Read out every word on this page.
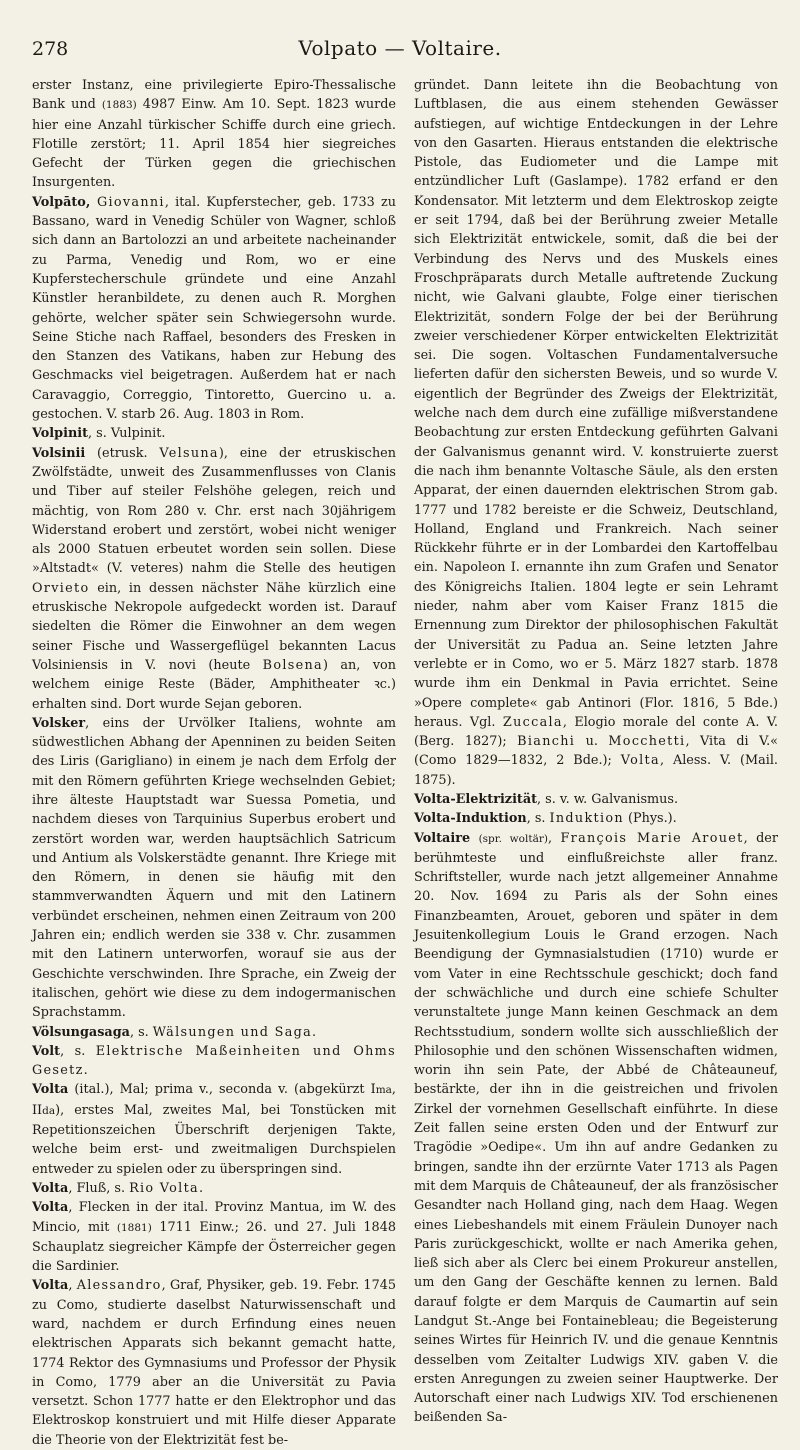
278	Volpato — Voltaire.

erster Instanz, eine privilegierte Epiro-Thessalische Bank und (1883) 4987 Einw. Am 10. Sept. 1823 wurde hier eine Anzahl türkischer Schiffe durch eine griech. Flotille zerstört; 11. April 1854 hier siegreiches Gefecht der Türken gegen die griechischen Insurgenten.

Volpāto, Giovanni, ital. Kupferstecher, geb. 1733 zu Bassano, ward in Venedig Schüler von Wagner, schloß sich dann an Bartolozzi an und arbeitete nacheinander zu Parma, Venedig und Rom, wo er eine Kupferstecherschule gründete und eine Anzahl Künstler heranbildete, zu denen auch R. Morghen gehörte, welcher später sein Schwiegersohn wurde. Seine Stiche nach Raffael, besonders des Fresken in den Stanzen des Vatikans, haben zur Hebung des Geschmacks viel beigetragen. Außerdem hat er nach Caravaggio, Correggio, Tintoretto, Guercino u. a. gestochen. V. starb 26. Aug. 1803 in Rom.

Volpinit, s. Vulpinit.

Volsinii (etrusk. Velsuna), eine der etruskischen Zwölfstädte, unweit des Zusammenflusses von Clanis und Tiber auf steiler Felshöhe gelegen, reich und mächtig, von Rom 280 v. Chr. erst nach 30jährigem Widerstand erobert und zerstört, wobei nicht weniger als 2000 Statuen erbeutet worden sein sollen. Diese »Altstadt« (V. veteres) nahm die Stelle des heutigen Orvieto ein, in dessen nächster Nähe kürzlich eine etruskische Nekropole aufgedeckt worden ist. Darauf siedelten die Römer die Einwohner an dem wegen seiner Fische und Wassergeflügel bekannten Lacus Volsiniensis in V. novi (heute Bolsena) an, von welchem einige Reste (Bäder, Amphitheater ꝛc.) erhalten sind. Dort wurde Sejan geboren.

Volsker, eins der Urvölker Italiens, wohnte am südwestlichen Abhang der Apenninen zu beiden Seiten des Liris (Garigliano) in einem je nach dem Erfolg der mit den Römern geführten Kriege wechselnden Gebiet; ihre älteste Hauptstadt war Suessa Pometia, und nachdem dieses von Tarquinius Superbus erobert und zerstört worden war, werden hauptsächlich Satricum und Antium als Volskerstädte genannt. Ihre Kriege mit den Römern, in denen sie häufig mit den stammverwandten Äquern und mit den Latinern verbündet erscheinen, nehmen einen Zeitraum von 200 Jahren ein; endlich werden sie 338 v. Chr. zusammen mit den Latinern unterworfen, worauf sie aus der Geschichte verschwinden. Ihre Sprache, ein Zweig der italischen, gehört wie diese zu dem indogermanischen Sprachstamm.

Völsungasaga, s. Wälsungen und Saga.

Volt, s. Elektrische Maßeinheiten und Ohms Gesetz.

Volta (ital.), Mal; prima v., seconda v. (abgekürzt Ima, IIda), erstes Mal, zweites Mal, bei Tonstücken mit Repetitionszeichen Überschrift derjenigen Takte, welche beim erst- und zweitmaligen Durchspielen entweder zu spielen oder zu überspringen sind.

Volta, Fluß, s. Rio Volta.

Volta, Flecken in der ital. Provinz Mantua, im W. des Mincio, mit (1881) 1711 Einw.; 26. und 27. Juli 1848 Schauplatz siegreicher Kämpfe der Österreicher gegen die Sardinier.

Volta, Alessandro, Graf, Physiker, geb. 19. Febr. 1745 zu Como, studierte daselbst Naturwissenschaft und ward, nachdem er durch Erfindung eines neuen elektrischen Apparats sich bekannt gemacht hatte, 1774 Rektor des Gymnasiums und Professor der Physik in Como, 1779 aber an die Universität zu Pavia versetzt. Schon 1777 hatte er den Elektrophor und das Elektroskop konstruiert und mit Hilfe dieser Apparate die Theorie von der Elektrizität fest be-

gründet. Dann leitete ihn die Beobachtung von Luftblasen, die aus einem stehenden Gewässer aufstiegen, auf wichtige Entdeckungen in der Lehre von den Gasarten. Hieraus entstanden die elektrische Pistole, das Eudiometer und die Lampe mit entzündlicher Luft (Gaslampe). 1782 erfand er den Kondensator. Mit letzterm und dem Elektroskop zeigte er seit 1794, daß bei der Berührung zweier Metalle sich Elektrizität entwickele, somit, daß die bei der Verbindung des Nervs und des Muskels eines Froschpräparats durch Metalle auftretende Zuckung nicht, wie Galvani glaubte, Folge einer tierischen Elektrizität, sondern Folge der bei der Berührung zweier verschiedener Körper entwickelten Elektrizität sei. Die sogen. Voltaschen Fundamentalversuche lieferten dafür den sichersten Beweis, und so wurde V. eigentlich der Begründer des Zweigs der Elektrizität, welche nach dem durch eine zufällige mißverstandene Beobachtung zur ersten Entdeckung geführten Galvani der Galvanismus genannt wird. V. konstruierte zuerst die nach ihm benannte Voltasche Säule, als den ersten Apparat, der einen dauernden elektrischen Strom gab. 1777 und 1782 bereiste er die Schweiz, Deutschland, Holland, England und Frankreich. Nach seiner Rückkehr führte er in der Lombardei den Kartoffelbau ein. Napoleon I. ernannte ihn zum Grafen und Senator des Königreichs Italien. 1804 legte er sein Lehramt nieder, nahm aber vom Kaiser Franz 1815 die Ernennung zum Direktor der philosophischen Fakultät der Universität zu Padua an. Seine letzten Jahre verlebte er in Como, wo er 5. März 1827 starb. 1878 wurde ihm ein Denkmal in Pavia errichtet. Seine »Opere complete« gab Antinori (Flor. 1816, 5 Bde.) heraus. Vgl. Zuccala, Elogio morale del conte A. V. (Berg. 1827); Bianchi u. Mocchetti, Vita di V.« (Como 1829—1832, 2 Bde.); Volta, Aless. V. (Mail. 1875).

Volta-Elektrizität, s. v. w. Galvanismus.

Volta-Induktion, s. Induktion (Phys.).

Voltaire (spr. woltär), François Marie Arouet, der berühmteste und einflußreichste aller franz. Schriftsteller, wurde nach jetzt allgemeiner Annahme 20. Nov. 1694 zu Paris als der Sohn eines Finanzbeamten, Arouet, geboren und später in dem Jesuitenkollegium Louis le Grand erzogen. Nach Beendigung der Gymnasialstudien (1710) wurde er vom Vater in eine Rechtsschule geschickt; doch fand der schwächliche und durch eine schiefe Schulter verunstaltete junge Mann keinen Geschmack an dem Rechtsstudium, sondern wollte sich ausschließlich der Philosophie und den schönen Wissenschaften widmen, worin ihn sein Pate, der Abbé de Châteauneuf, bestärkte, der ihn in die geistreichen und frivolen Zirkel der vornehmen Gesellschaft einführte. In diese Zeit fallen seine ersten Oden und der Entwurf zur Tragödie »Oedipe«. Um ihn auf andre Gedanken zu bringen, sandte ihn der erzürnte Vater 1713 als Pagen mit dem Marquis de Châteauneuf, der als französischer Gesandter nach Holland ging, nach dem Haag. Wegen eines Liebeshandels mit einem Fräulein Dunoyer nach Paris zurückgeschickt, wollte er nach Amerika gehen, ließ sich aber als Clerc bei einem Prokureur anstellen, um den Gang der Geschäfte kennen zu lernen. Bald darauf folgte er dem Marquis de Caumartin auf sein Landgut St.-Ange bei Fontainebleau; die Begeisterung seines Wirtes für Heinrich IV. und die genaue Kenntnis desselben vom Zeitalter Ludwigs XIV. gaben V. die ersten Anregungen zu zweien seiner Hauptwerke. Der Autorschaft einer nach Ludwigs XIV. Tod erschienenen beißenden Sa-
